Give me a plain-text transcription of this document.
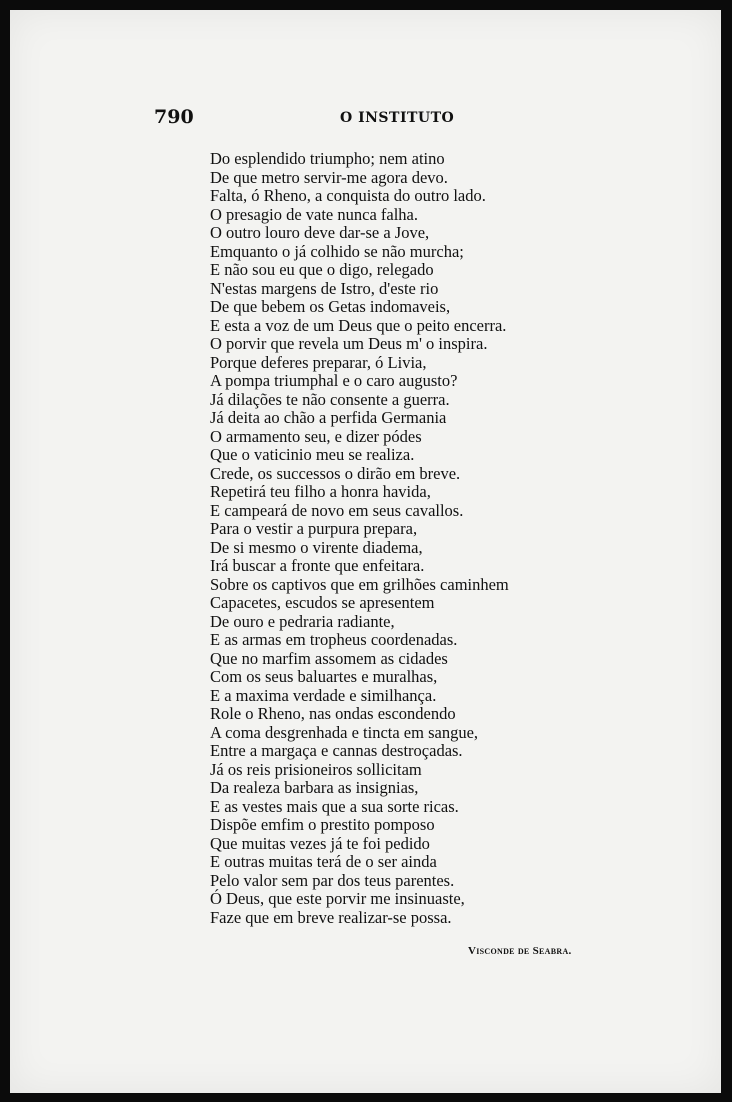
790	O INSTITUTO
Do esplendido triumpho; nem atino
De que metro servir-me agora devo.
Falta, ó Rheno, a conquista do outro lado.
O presagio de vate nunca falha.
O outro louro deve dar-se a Jove,
Emquanto o já colhido se não murcha;
E não sou eu que o digo, relegado
N'estas margens de Istro, d'este rio
De que bebem os Getas indomaveis,
E esta a voz de um Deus que o peito encerra.
O porvir que revela um Deus m' o inspira.
Porque deferes preparar, ó Livia,
A pompa triumphal e o caro augusto?
Já dilações te não consente a guerra.
Já deita ao chão a perfida Germania
O armamento seu, e dizer pódes
Que o vaticinio meu se realiza.
Crede, os successos o dirão em breve.
Repetirá teu filho a honra havida,
E campeará de novo em seus cavallos.
Para o vestir a purpura prepara,
De si mesmo o virente diadema,
Irá buscar a fronte que enfeitara.
Sobre os captivos que em grilhões caminhem
Capacetes, escudos se apresentem
De ouro e pedraria radiante,
E as armas em tropheus coordenadas.
Que no marfim assomem as cidades
Com os seus baluartes e muralhas,
E a maxima verdade e similhança.
Role o Rheno, nas ondas escondendo
A coma desgrenhada e tincta em sangue,
Entre a margaça e cannas destroçadas.
Já os reis prisioneiros sollicitam
Da realeza barbara as insignias,
E as vestes mais que a sua sorte ricas.
Dispõe emfim o prestito pomposo
Que muitas vezes já te foi pedido
E outras muitas terá de o ser ainda
Pelo valor sem par dos teus parentes.
Ó Deus, que este porvir me insinuaste,
Faze que em breve realizar-se possa.
Visconde de Seabra.
